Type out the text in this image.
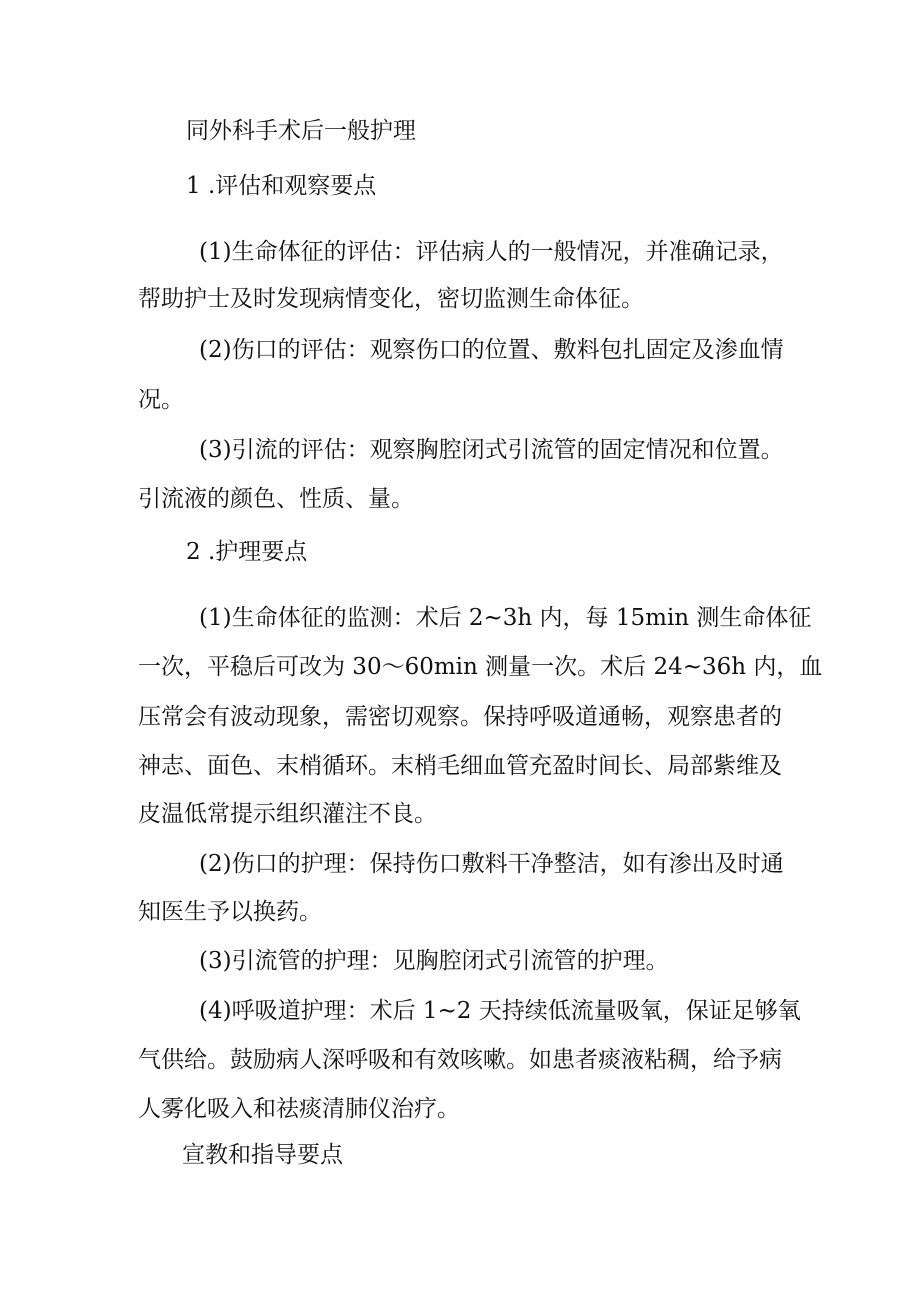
同外科手术后一般护理
1 .评估和观察要点
(1)生命体征的评估：评估病人的一般情况，并准确记录，
帮助护士及时发现病情变化，密切监测生命体征。
(2)伤口的评估：观察伤口的位置、敷料包扎固定及渗血情
况。
(3)引流的评估：观察胸腔闭式引流管的固定情况和位置。
引流液的颜色、性质、量。
2 .护理要点
(1)生命体征的监测：术后 2~3h 内，每 15min 测生命体征
一次，平稳后可改为 30～60min 测量一次。术后 24~36h 内，血
压常会有波动现象，需密切观察。保持呼吸道通畅，观察患者的
神志、面色、末梢循环。末梢毛细血管充盈时间长、局部紫维及
皮温低常提示组织灌注不良。
(2)伤口的护理：保持伤口敷料干净整洁，如有渗出及时通
知医生予以换药。
(3)引流管的护理：见胸腔闭式引流管的护理。
(4)呼吸道护理：术后 1~2 天持续低流量吸氧，保证足够氧
气供给。鼓励病人深呼吸和有效咳嗽。如患者痰液粘稠，给予病
人雾化吸入和祛痰清肺仪治疗。
宣教和指导要点
